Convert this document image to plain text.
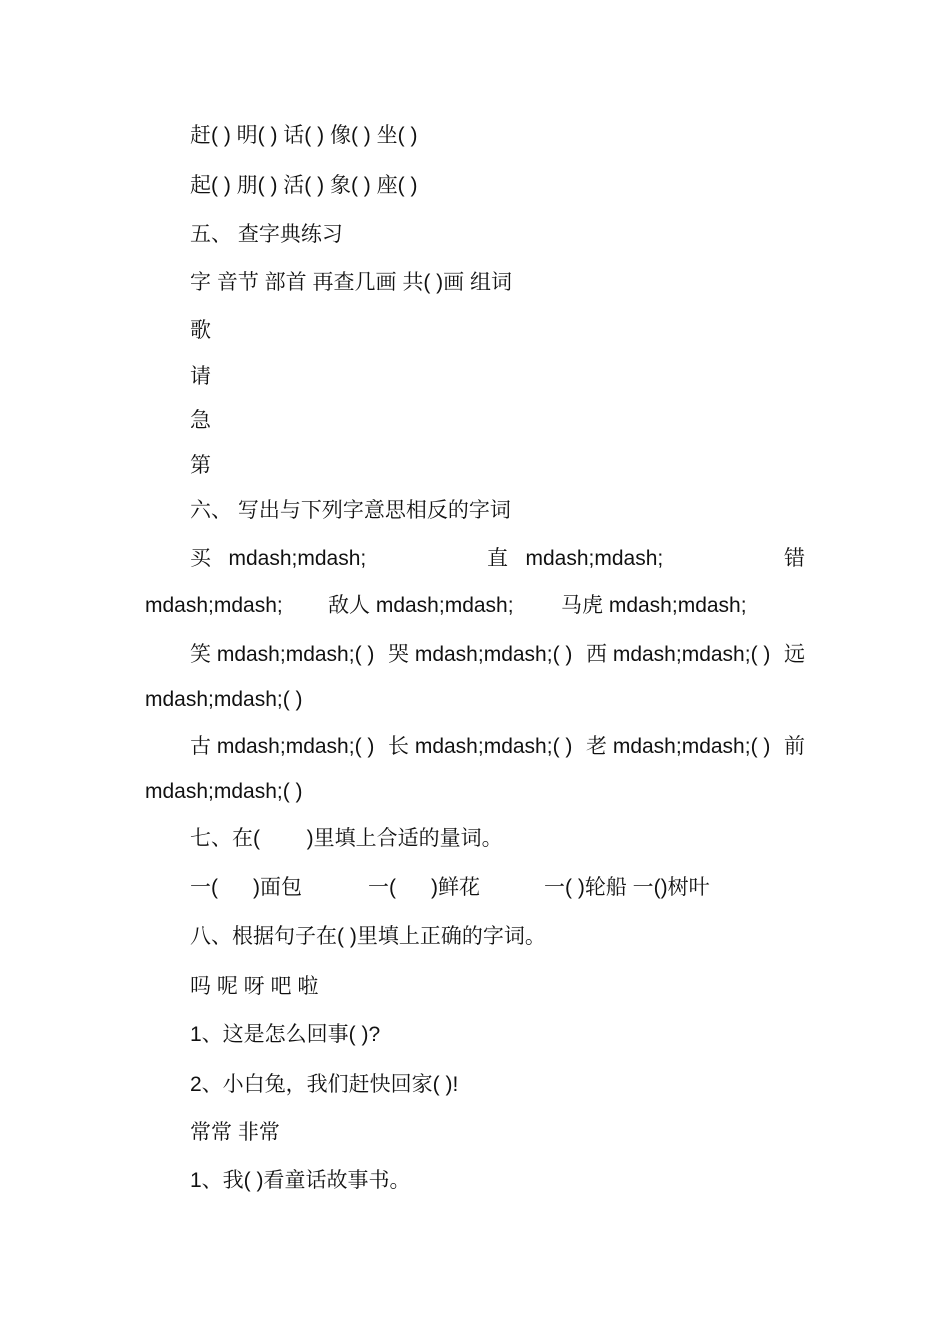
赶( ) 明( ) 话( ) 像( ) 坐( )
起( ) 朋( ) 活( ) 象( ) 座( )
五、 查字典练习
字 音节 部首 再查几画 共( )画 组词
歌
请
急
第
六、 写出与下列字意思相反的字词
买   mdash;mdash;	直   mdash;mdash;	错
mdash;mdash; 敌人 mdash;mdash; 马虎 mdash;mdash;
笑 mdash;mdash;( ) 哭 mdash;mdash;( ) 西 mdash;mdash;( ) 远
mdash;mdash;( )
古 mdash;mdash;( ) 长 mdash;mdash;( ) 老 mdash;mdash;( ) 前
mdash;mdash;( )
七、在(        )里填上合适的量词。
一(      )面包	一(      )鲜花	一( )轮船 一()树叶
八、根据句子在( )里填上正确的字词。
吗 呢 呀 吧 啦
1、这是怎么回事( )?
2、小白兔，我们赶快回家( )!
常常 非常
1、我( )看童话故事书。
